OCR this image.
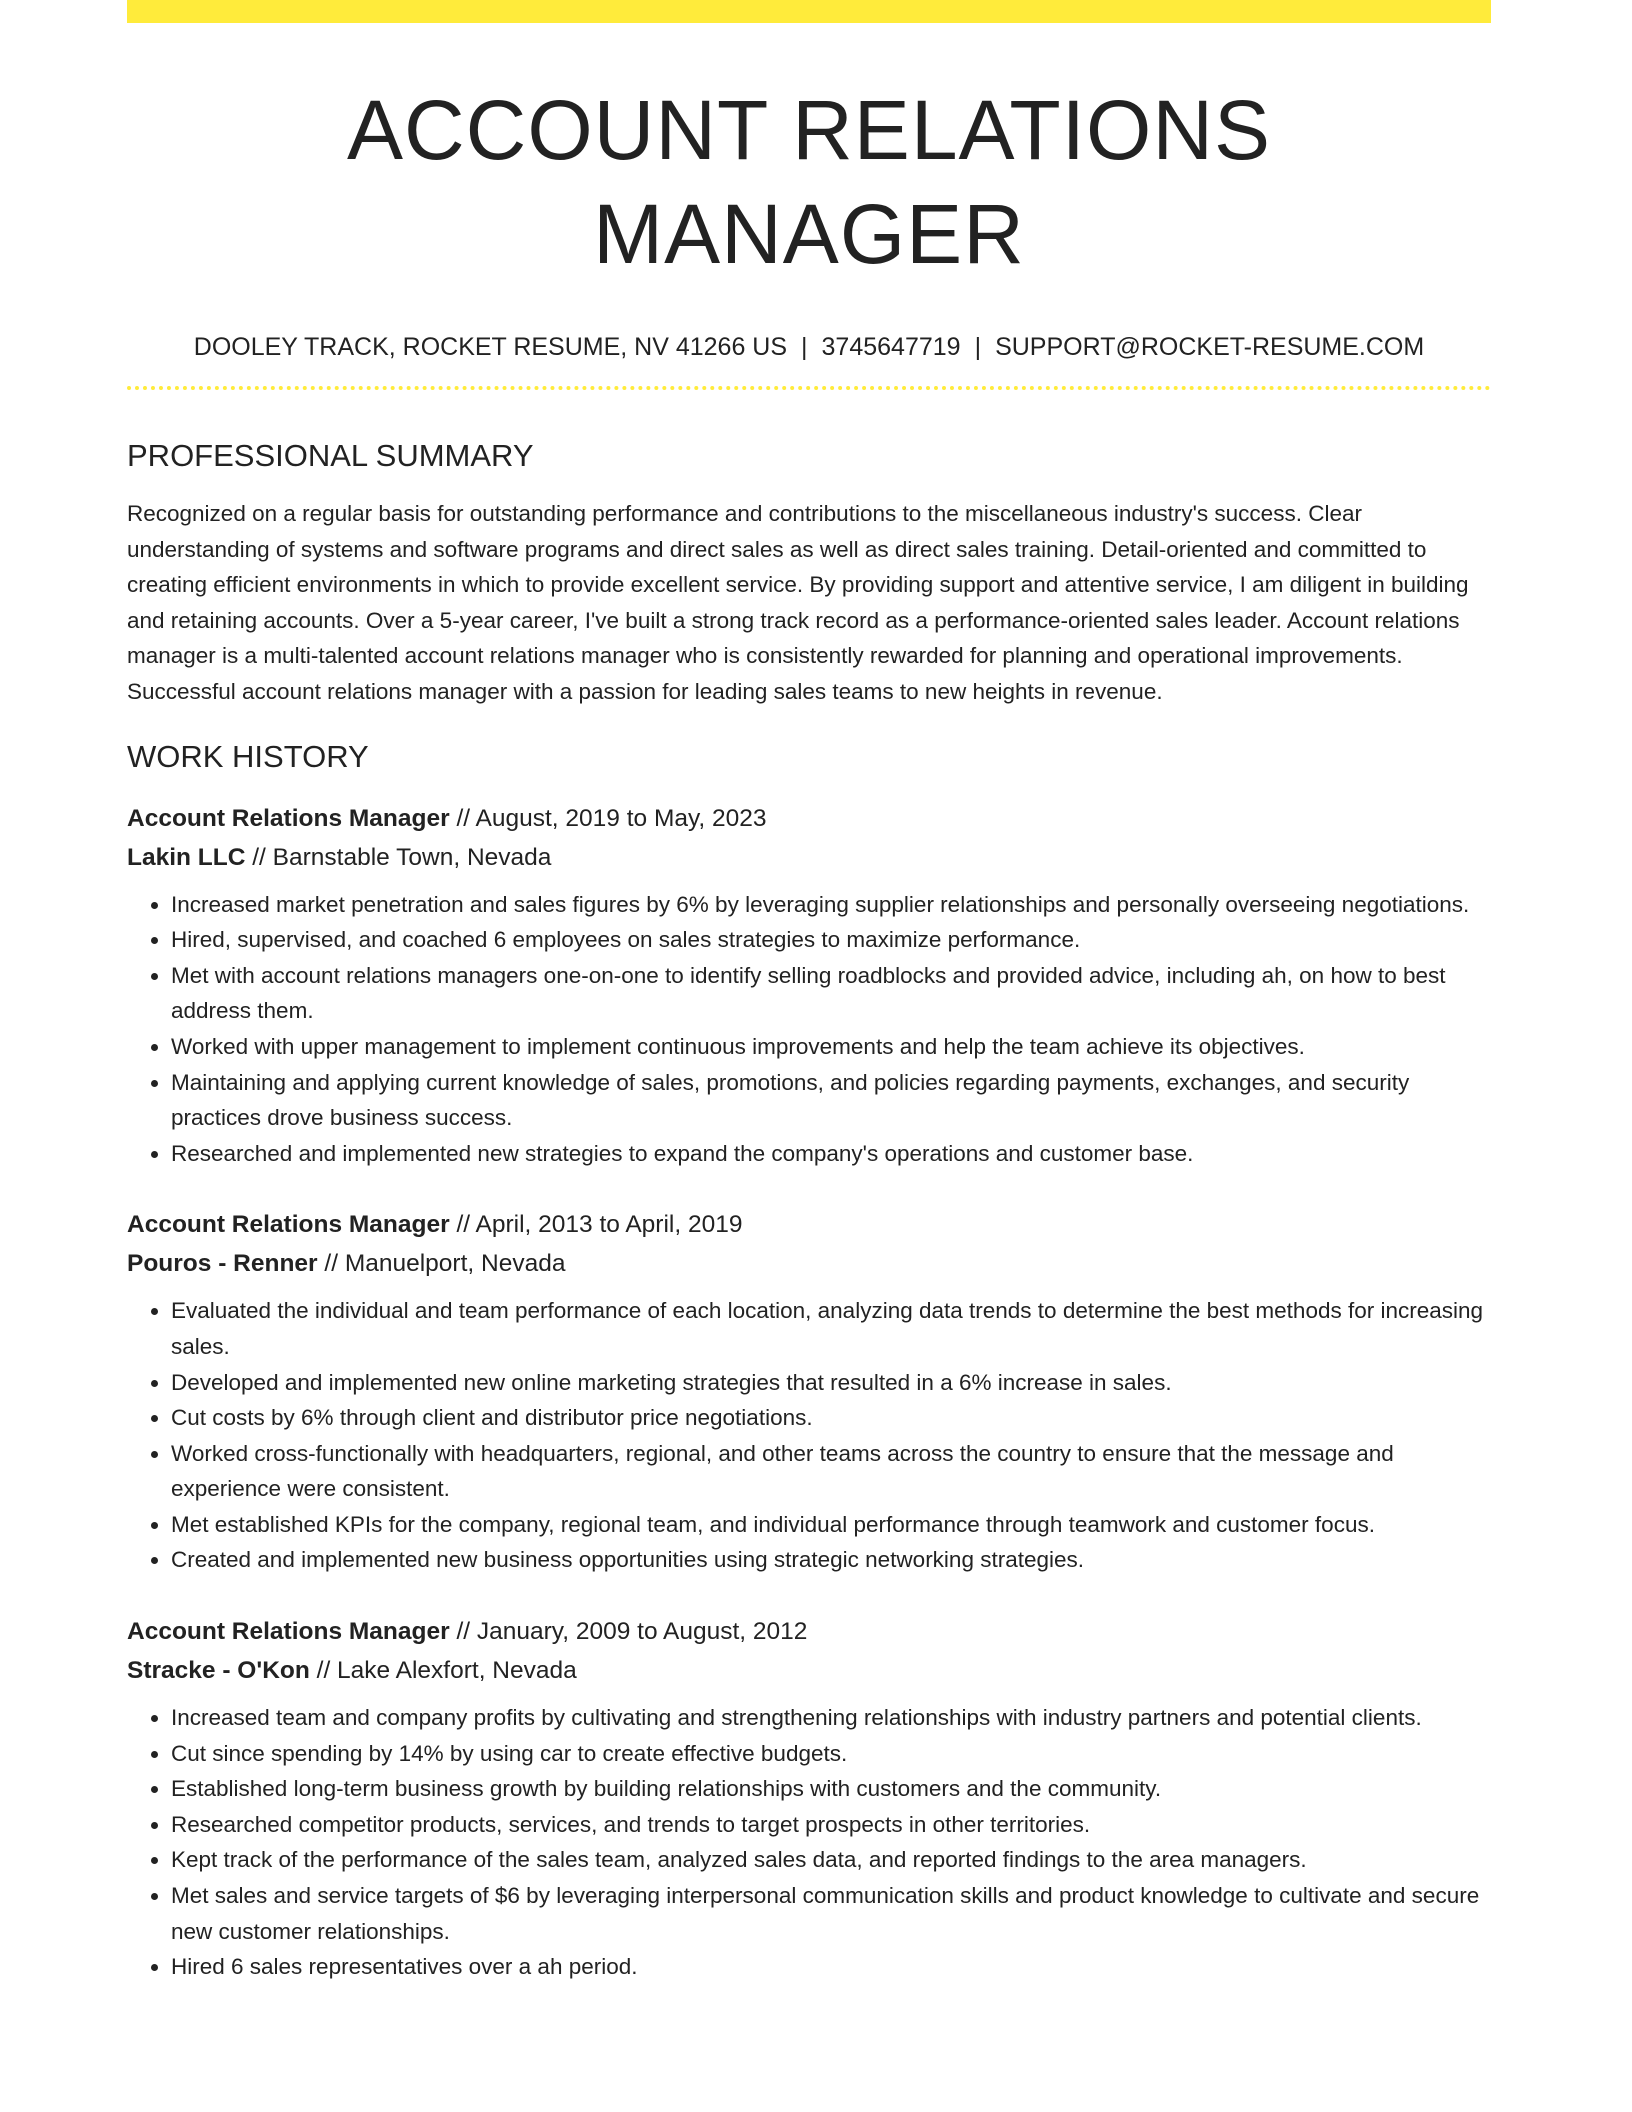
ACCOUNT RELATIONS MANAGER
DOOLEY TRACK, ROCKET RESUME, NV 41266 US | 3745647719 | SUPPORT@ROCKET-RESUME.COM
PROFESSIONAL SUMMARY

Recognized on a regular basis for outstanding performance and contributions to the miscellaneous industry's success. Clear understanding of systems and software programs and direct sales as well as direct sales training. Detail-oriented and committed to creating efficient environments in which to provide excellent service. By providing support and attentive service, I am diligent in building and retaining accounts. Over a 5-year career, I've built a strong track record as a performance-oriented sales leader. Account relations manager is a multi-talented account relations manager who is consistently rewarded for planning and operational improvements. Successful account relations manager with a passion for leading sales teams to new heights in revenue.

WORK HISTORY
Account Relations Manager // August, 2019 to May, 2023
Lakin LLC // Barnstable Town, Nevada
• Increased market penetration and sales figures by 6% by leveraging supplier relationships and personally overseeing negotiations.
• Hired, supervised, and coached 6 employees on sales strategies to maximize performance.
• Met with account relations managers one-on-one to identify selling roadblocks and provided advice, including ah, on how to best address them.
• Worked with upper management to implement continuous improvements and help the team achieve its objectives.
• Maintaining and applying current knowledge of sales, promotions, and policies regarding payments, exchanges, and security practices drove business success.
• Researched and implemented new strategies to expand the company's operations and customer base.
Account Relations Manager // April, 2013 to April, 2019
Pouros - Renner // Manuelport, Nevada
• Evaluated the individual and team performance of each location, analyzing data trends to determine the best methods for increasing sales.
• Developed and implemented new online marketing strategies that resulted in a 6% increase in sales.
• Cut costs by 6% through client and distributor price negotiations.
• Worked cross-functionally with headquarters, regional, and other teams across the country to ensure that the message and experience were consistent.
• Met established KPIs for the company, regional team, and individual performance through teamwork and customer focus.
• Created and implemented new business opportunities using strategic networking strategies.
Account Relations Manager // January, 2009 to August, 2012
Stracke - O'Kon // Lake Alexfort, Nevada
• Increased team and company profits by cultivating and strengthening relationships with industry partners and potential clients.
• Cut since spending by 14% by using car to create effective budgets.
• Established long-term business growth by building relationships with customers and the community.
• Researched competitor products, services, and trends to target prospects in other territories.
• Kept track of the performance of the sales team, analyzed sales data, and reported findings to the area managers.
• Met sales and service targets of $6 by leveraging interpersonal communication skills and product knowledge to cultivate and secure new customer relationships.
• Hired 6 sales representatives over a ah period.
